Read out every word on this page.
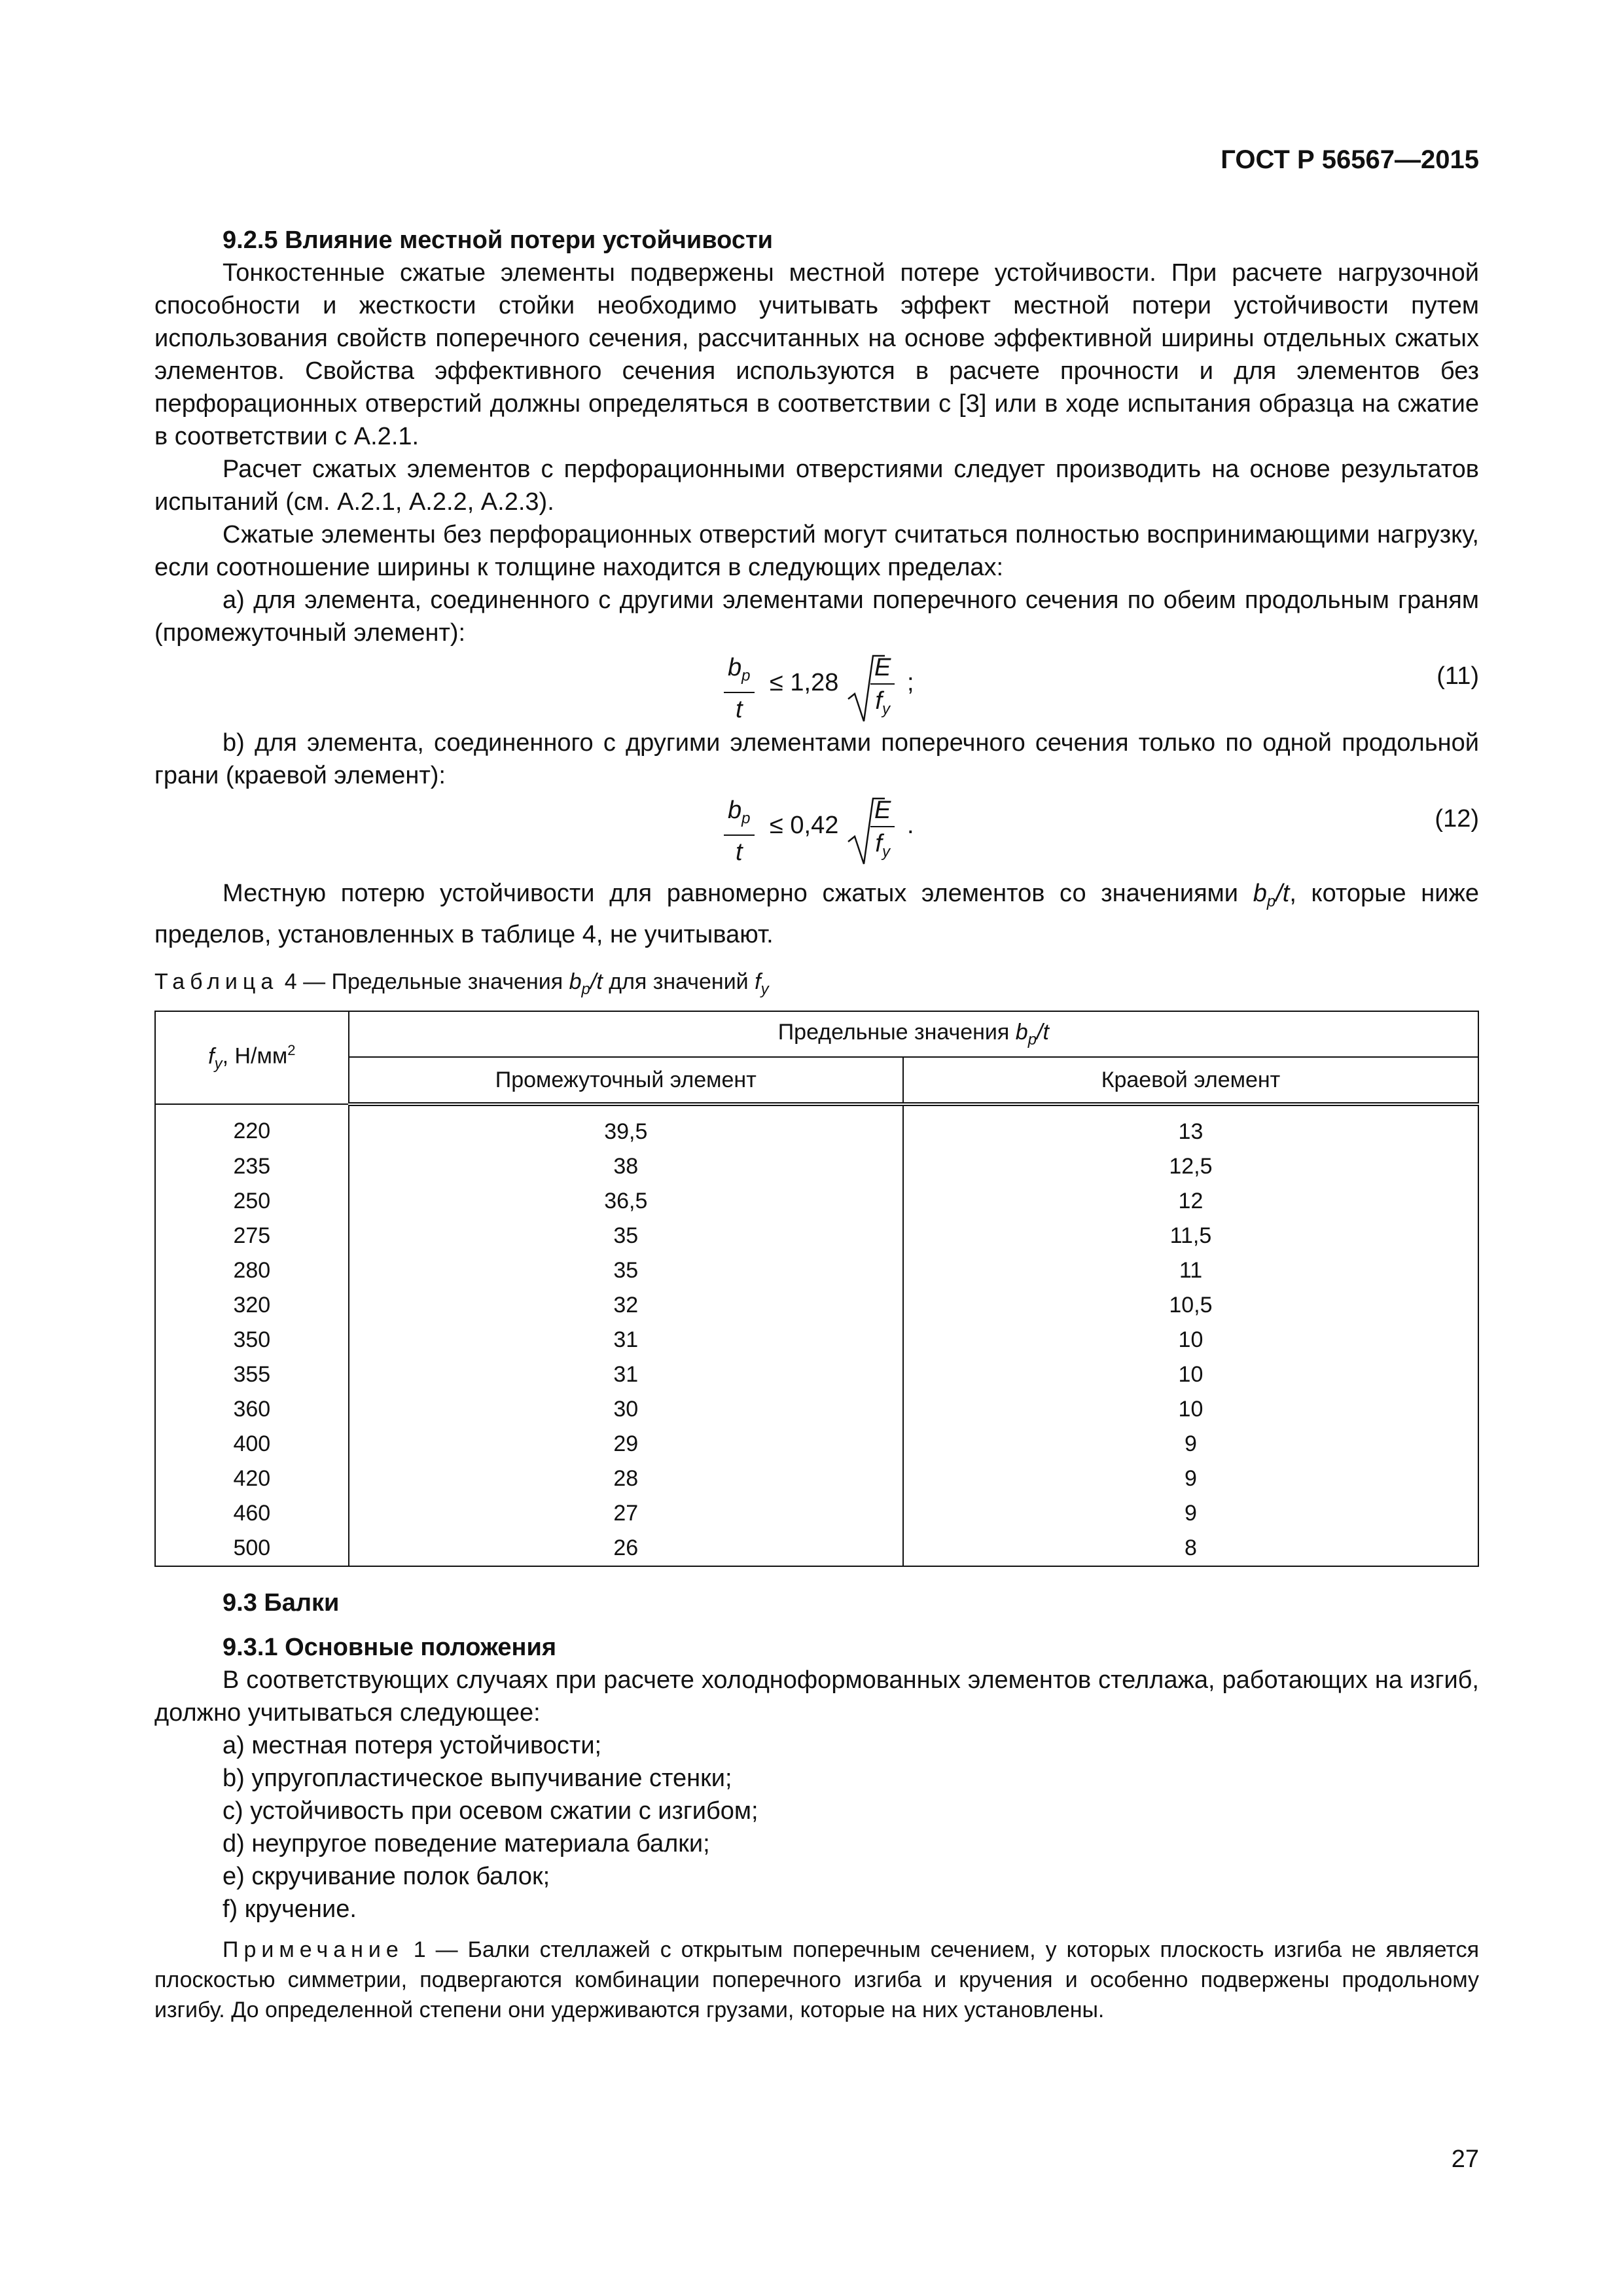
ГОСТ Р 56567—2015

9.2.5 Влияние местной потери устойчивости

Тонкостенные сжатые элементы подвержены местной потере устойчивости. При расчете нагрузочной способности и жесткости стойки необходимо учитывать эффект местной потери устойчивости путем использования свойств поперечного сечения, рассчитанных на основе эффективной ширины отдельных сжатых элементов. Свойства эффективного сечения используются в расчете прочности и для элементов без перфорационных отверстий должны определяться в соответствии с [3] или в ходе испытания образца на сжатие в соответствии с А.2.1.

Расчет сжатых элементов с перфорационными отверстиями следует производить на основе результатов испытаний (см. А.2.1, А.2.2, А.2.3).

Сжатые элементы без перфорационных отверстий могут считаться полностью воспринимающими нагрузку, если соотношение ширины к толщине находится в следующих пределах:

а) для элемента, соединенного с другими элементами поперечного сечения по обеим продольным граням (промежуточный элемент):

$\frac{b_p}{t} \le 1,28 \frac{E}{f_y}$ ;	(11)

b) для элемента, соединенного с другими элементами поперечного сечения только по одной продольной грани (краевой элемент):

$\frac{b_p}{t} \le 0,42 \frac{E}{f_y}$ .	(12)

Местную потерю устойчивости для равномерно сжатых элементов со значениями $b_p/t$, которые ниже пределов, установленных в таблице 4, не учитывают.

Таблица 4 — Предельные значения $b_p/t$ для значений $f_y$
$f_y$, $Н/мм^2$	Предельные значения $b_p/t$	
	Промежуточный элемент	Краевой элемент
220	39,5	13
235	38	12,5
250	36,5	12
275	35	11,5
280	35	11
320	32	10,5
350	31	10
355	31	10
360	30	10
400	29	9
420	28	9
460	27	9
500	26	8

9.3 Балки

9.3.1 Основные положения

В соответствующих случаях при расчете холодноформованных элементов стеллажа, работающих на изгиб, должно учитываться следующее:

а) местная потеря устойчивости;

b) упругопластическое выпучивание стенки;

c) устойчивость при осевом сжатии с изгибом;

d) неупругое поведение материала балки;

e) скручивание полок балок;

f) кручение.

Примечание 1 — Балки стеллажей с открытым поперечным сечением, у которых плоскость изгиба не является плоскостью симметрии, подвергаются комбинации поперечного изгиба и кручения и особенно подвержены продольному изгибу. До определенной степени они удерживаются грузами, которые на них установлены.

27
